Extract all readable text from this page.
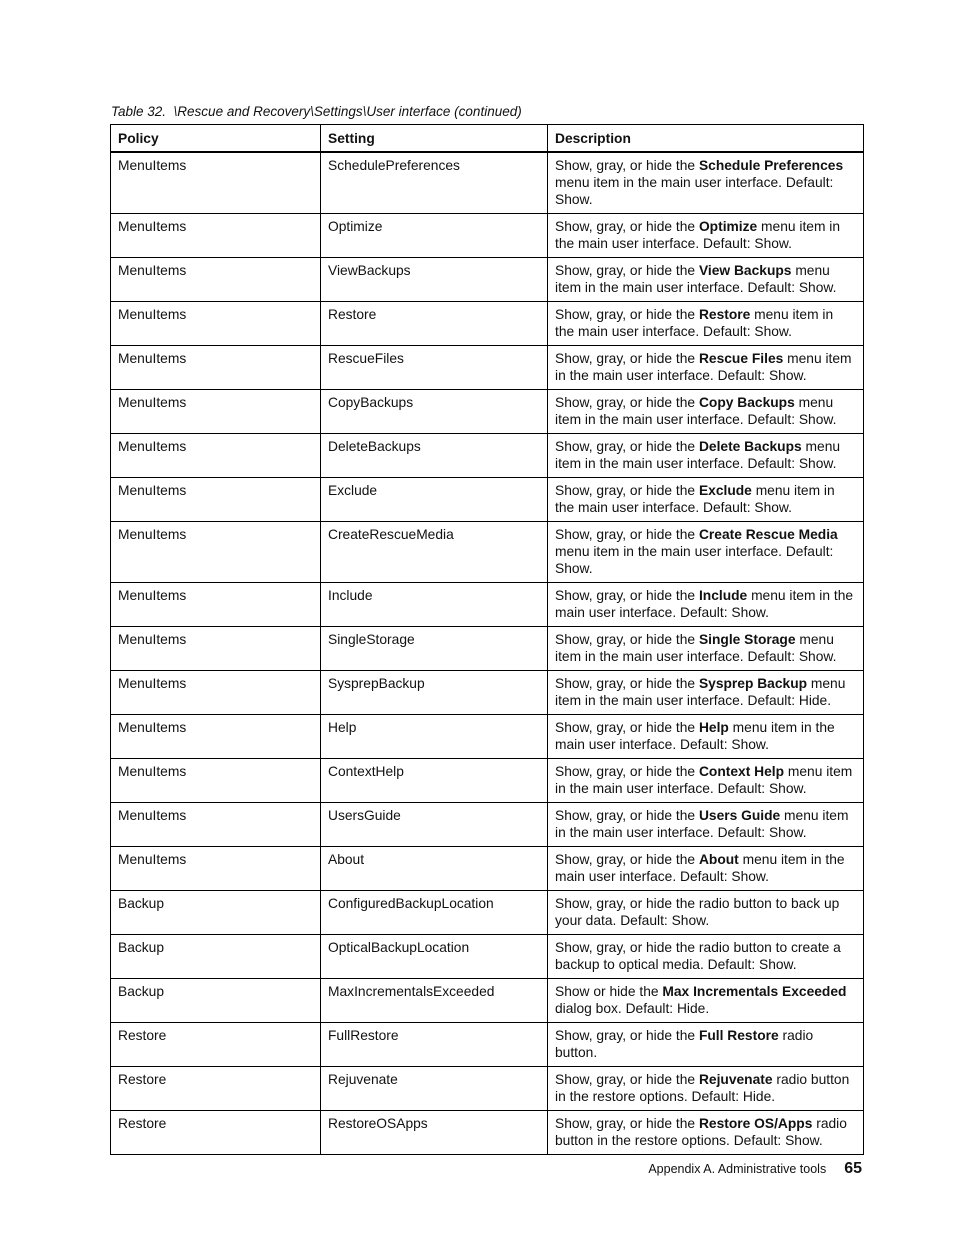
Table 32.  \Rescue and Recovery\Settings\User interface (continued)
Policy	Setting	Description
MenuItems	SchedulePreferences	Show, gray, or hide the Schedule Preferences menu item in the main user interface. Default: Show.
MenuItems	Optimize	Show, gray, or hide the Optimize menu item in the main user interface. Default: Show.
MenuItems	ViewBackups	Show, gray, or hide the View Backups menu item in the main user interface. Default: Show.
MenuItems	Restore	Show, gray, or hide the Restore menu item in the main user interface. Default: Show.
MenuItems	RescueFiles	Show, gray, or hide the Rescue Files menu item in the main user interface. Default: Show.
MenuItems	CopyBackups	Show, gray, or hide the Copy Backups menu item in the main user interface. Default: Show.
MenuItems	DeleteBackups	Show, gray, or hide the Delete Backups menu item in the main user interface. Default: Show.
MenuItems	Exclude	Show, gray, or hide the Exclude menu item in the main user interface. Default: Show.
MenuItems	CreateRescueMedia	Show, gray, or hide the Create Rescue Media menu item in the main user interface. Default: Show.
MenuItems	Include	Show, gray, or hide the Include menu item in the main user interface. Default: Show.
MenuItems	SingleStorage	Show, gray, or hide the Single Storage menu item in the main user interface. Default: Show.
MenuItems	SysprepBackup	Show, gray, or hide the Sysprep Backup menu item in the main user interface. Default: Hide.
MenuItems	Help	Show, gray, or hide the Help menu item in the main user interface. Default: Show.
MenuItems	ContextHelp	Show, gray, or hide the Context Help menu item in the main user interface. Default: Show.
MenuItems	UsersGuide	Show, gray, or hide the Users Guide menu item in the main user interface. Default: Show.
MenuItems	About	Show, gray, or hide the About menu item in the main user interface. Default: Show.
Backup	ConfiguredBackupLocation	Show, gray, or hide the radio button to back up your data. Default: Show.
Backup	OpticalBackupLocation	Show, gray, or hide the radio button to create a backup to optical media. Default: Show.
Backup	MaxIncrementalsExceeded	Show or hide the Max Incrementals Exceeded dialog box. Default: Hide.
Restore	FullRestore	Show, gray, or hide the Full Restore radio button.
Restore	Rejuvenate	Show, gray, or hide the Rejuvenate radio button in the restore options. Default: Hide.
Restore	RestoreOSApps	Show, gray, or hide the Restore OS/Apps radio button in the restore options. Default: Show.
Appendix A. Administrative tools 65
